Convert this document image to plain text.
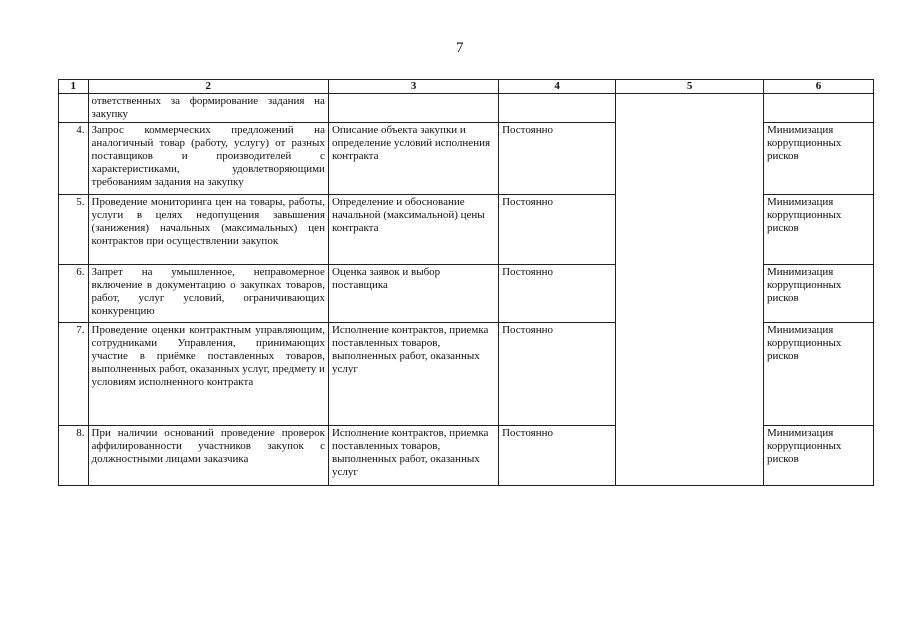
7
1	2	3	4	5	6
	ответственных за формирование задания на закупку				
4.	Запрос коммерческих предложений на аналогичный товар (работу, услугу) от разных поставщиков и производителей с характеристиками, удовлетворяющими требованиям задания на закупку	Описание объекта закупки и определение условий исполнения контракта	Постоянно		Минимизация коррупционных рисков
5.	Проведение мониторинга цен на товары, работы, услуги в целях недопущения завышения (занижения) начальных (максимальных) цен контрактов при осуществлении закупок	Определение и обоснование начальной (максимальной) цены контракта	Постоянно		Минимизация коррупционных рисков
6.	Запрет на умышленное, неправомерное включение в документацию о закупках товаров, работ, услуг условий, ограничивающих конкуренцию	Оценка заявок и выбор поставщика	Постоянно		Минимизация коррупционных рисков
7.	Проведение оценки контрактным управляющим, сотрудниками Управления, принимающих участие в приёмке поставленных товаров, выполненных работ, оказанных услуг, предмету и условиям исполненного контракта	Исполнение контрактов, приемка поставленных товаров, выполненных работ, оказанных услуг	Постоянно		Минимизация коррупционных рисков
8.	При наличии оснований проведение проверок аффилированности участников закупок с должностными лицами заказчика	Исполнение контрактов, приемка поставленных товаров, выполненных работ, оказанных услуг	Постоянно		Минимизация коррупционных рисков
